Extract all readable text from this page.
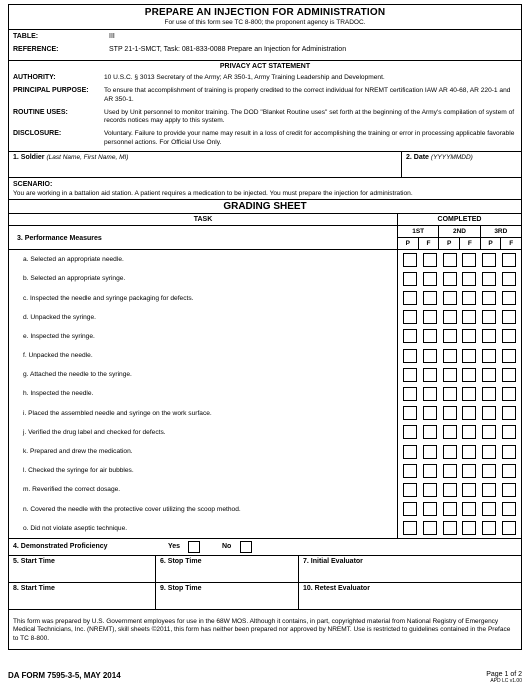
PREPARE AN INJECTION FOR ADMINISTRATION
For use of this form see TC 8-800; the proponent agency is TRADOC.
TABLE:	III
REFERENCE:	STP 21-1-SMCT, Task: 081-833-0088 Prepare an Injection for Administration
PRIVACY ACT STATEMENT
AUTHORITY:	10 U.S.C. § 3013 Secretary of the Army; AR 350-1, Army Training Leadership and Development.
PRINCIPAL PURPOSE:	To ensure that accomplishment of training is properly credited to the correct individual for NREMT certification IAW AR 40-68, AR 220-1 and AR 350-1.
ROUTINE USES:	Used by Unit personnel to monitor training. The DOD "Blanket Routine uses" set forth at the beginning of the Army's compilation of system of records notices may apply to this system.
DISCLOSURE:	Voluntary. Failure to provide your name may result in a loss of credit for accomplishing the training or error in processing applicable favorable personnel actions. For Official Use Only.
1. Soldier (Last Name, First Name, MI)	2. Date (YYYYMMDD)
SCENARIO:
You are working in a battalion aid station. A patient requires a medication to be injected. You must prepare the injection for administration.
GRADING SHEET
TASK	COMPLETED
3. Performance Measures
1ST	2ND	3RD
P	F	P	F	P	F
a. Selected an appropriate needle.
b. Selected an appropriate syringe.
c. Inspected the needle and syringe packaging for defects.
d. Unpacked the syringe.
e. Inspected the syringe.
f. Unpacked the needle.
g. Attached the needle to the syringe.
h. Inspected the needle.
i. Placed the assembled needle and syringe on the work surface.
j. Verified the drug label and checked for defects.
k. Prepared and drew the medication.
l. Checked the syringe for air bubbles.
m. Reverified the correct dosage.
n. Covered the needle with the protective cover utilizing the scoop method.
o. Did not violate aseptic technique.
4. Demonstrated Proficiency	Yes	No
5. Start Time	6. Stop Time	7. Initial Evaluator
8. Start Time	9. Stop Time	10. Retest Evaluator
This form was prepared by U.S. Government employees for use in the 68W MOS. Although it contains, in part, copyrighted material from National Registry of Emergency Medical Technicians, Inc. (NREMT), skill sheets ©2011, this form has neither been prepared nor approved by NREMT. Use is restricted to guidelines contained in the Preface to TC 8-800.
DA FORM 7595-3-5, MAY 2014	Page 1 of 2
APD LC v1.00
